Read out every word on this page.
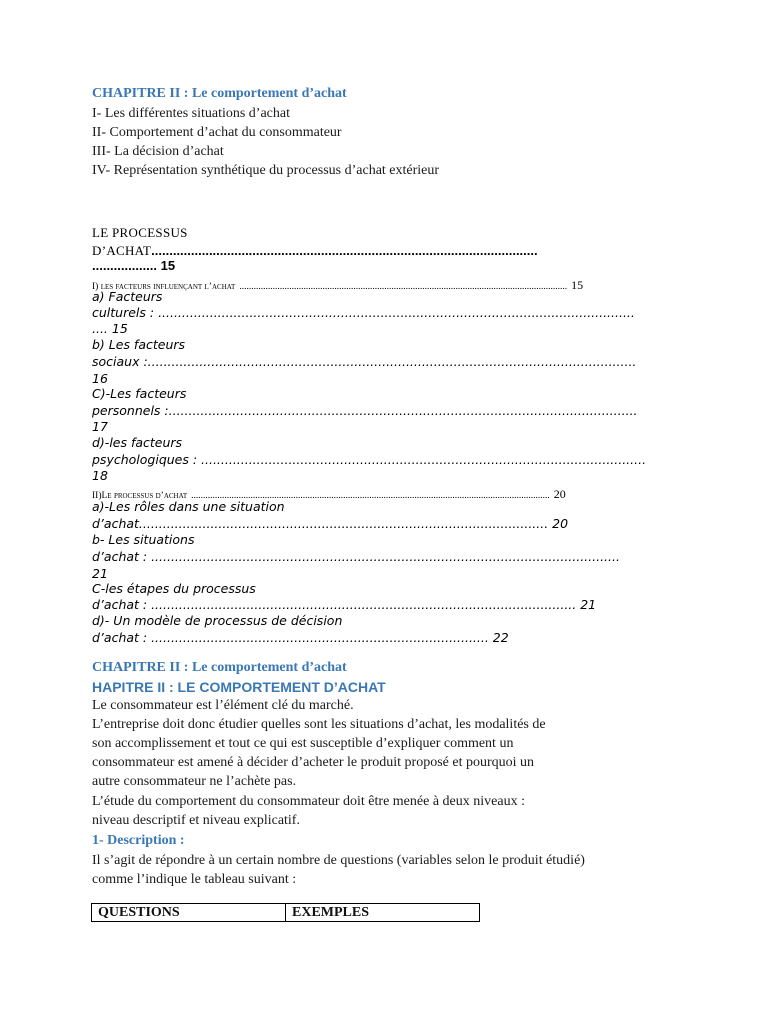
CHAPITRE II : Le comportement d’achat
I- Les différentes situations d’achat
II- Comportement d’achat du consommateur
III- La décision d’achat
IV- Représentation synthétique du processus d’achat extérieur
LE PROCESSUS
D’ACHAT...........................................................................................................
.................. 15
I) les facteurs influençant l’achat .......................................................................................................................................... 15
a) Facteurs
culturels : ........................................................................................................................
.... 15
b) Les facteurs
sociaux :...........................................................................................................................
16
C)-Les facteurs
personnels :......................................................................................................................
17
d)-les facteurs
psychologiques : ................................................................................................................
18
II)Le processus d’achat ....................................................................................................................................................... 20
a)-Les rôles dans une situation
d’achat....................................................................................................... 20
b- Les situations
d’achat : ......................................................................................................................
21
C-les étapes du processus
d’achat : ........................................................................................................... 21
d)- Un modèle de processus de décision
d’achat : ..................................................................................... 22
CHAPITRE II : Le comportement d’achat
HAPITRE II : LE COMPORTEMENT D’ACHAT
Le consommateur est l’élément clé du marché.
L’entreprise doit donc étudier quelles sont les situations d’achat, les modalités de
son accomplissement et tout ce qui est susceptible d’expliquer comment un
consommateur est amené à décider d’acheter le produit proposé et pourquoi un
autre consommateur ne l’achète pas.
L’étude du comportement du consommateur doit être menée à deux niveaux :
niveau descriptif et niveau explicatif.
1- Description :
Il s’agit de répondre à un certain nombre de questions (variables selon le produit étudié)
comme l’indique le tableau suivant :
QUESTIONS	EXEMPLES
